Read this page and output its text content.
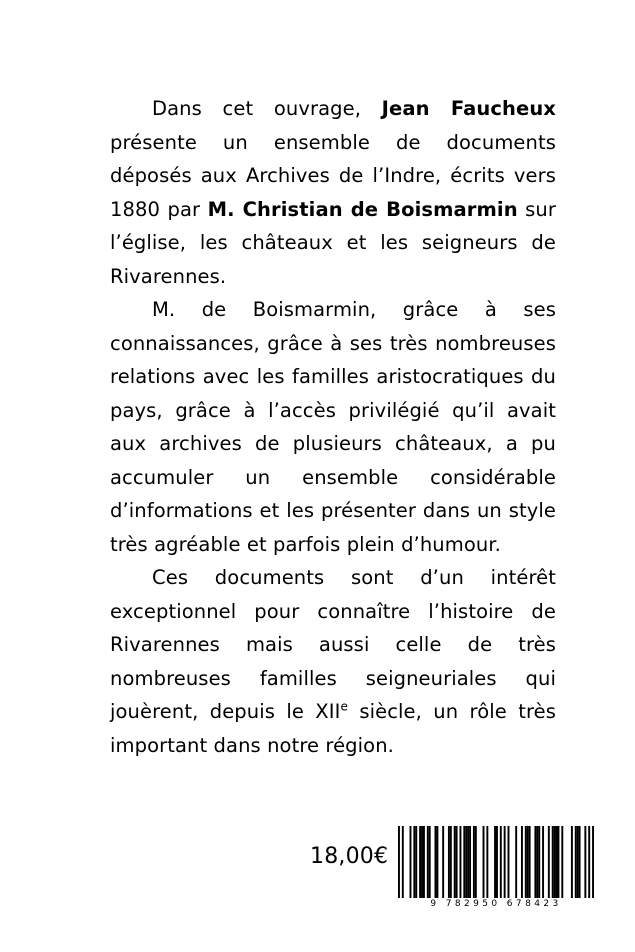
Dans cet ouvrage, Jean Faucheux présente un ensemble de documents déposés aux Archives de l’Indre, écrits vers 1880 par M. Christian de Boismarmin sur l’église, les châteaux et les seigneurs de Rivarennes.

M. de Boismarmin, grâce à ses connaissances, grâce à ses très nombreuses relations avec les familles aristocratiques du pays, grâce à l’accès privilégié qu’il avait aux archives de plusieurs châteaux, a pu accumuler un ensemble considérable d’informations et les présenter dans un style très agréable et parfois plein d’humour.

Ces documents sont d’un intérêt exceptionnel pour connaître l’histoire de Rivarennes mais aussi celle de très nombreuses familles seigneuriales qui jouèrent, depuis le XIIe siècle, un rôle très important dans notre région.

18,00€
9 782950 678423
